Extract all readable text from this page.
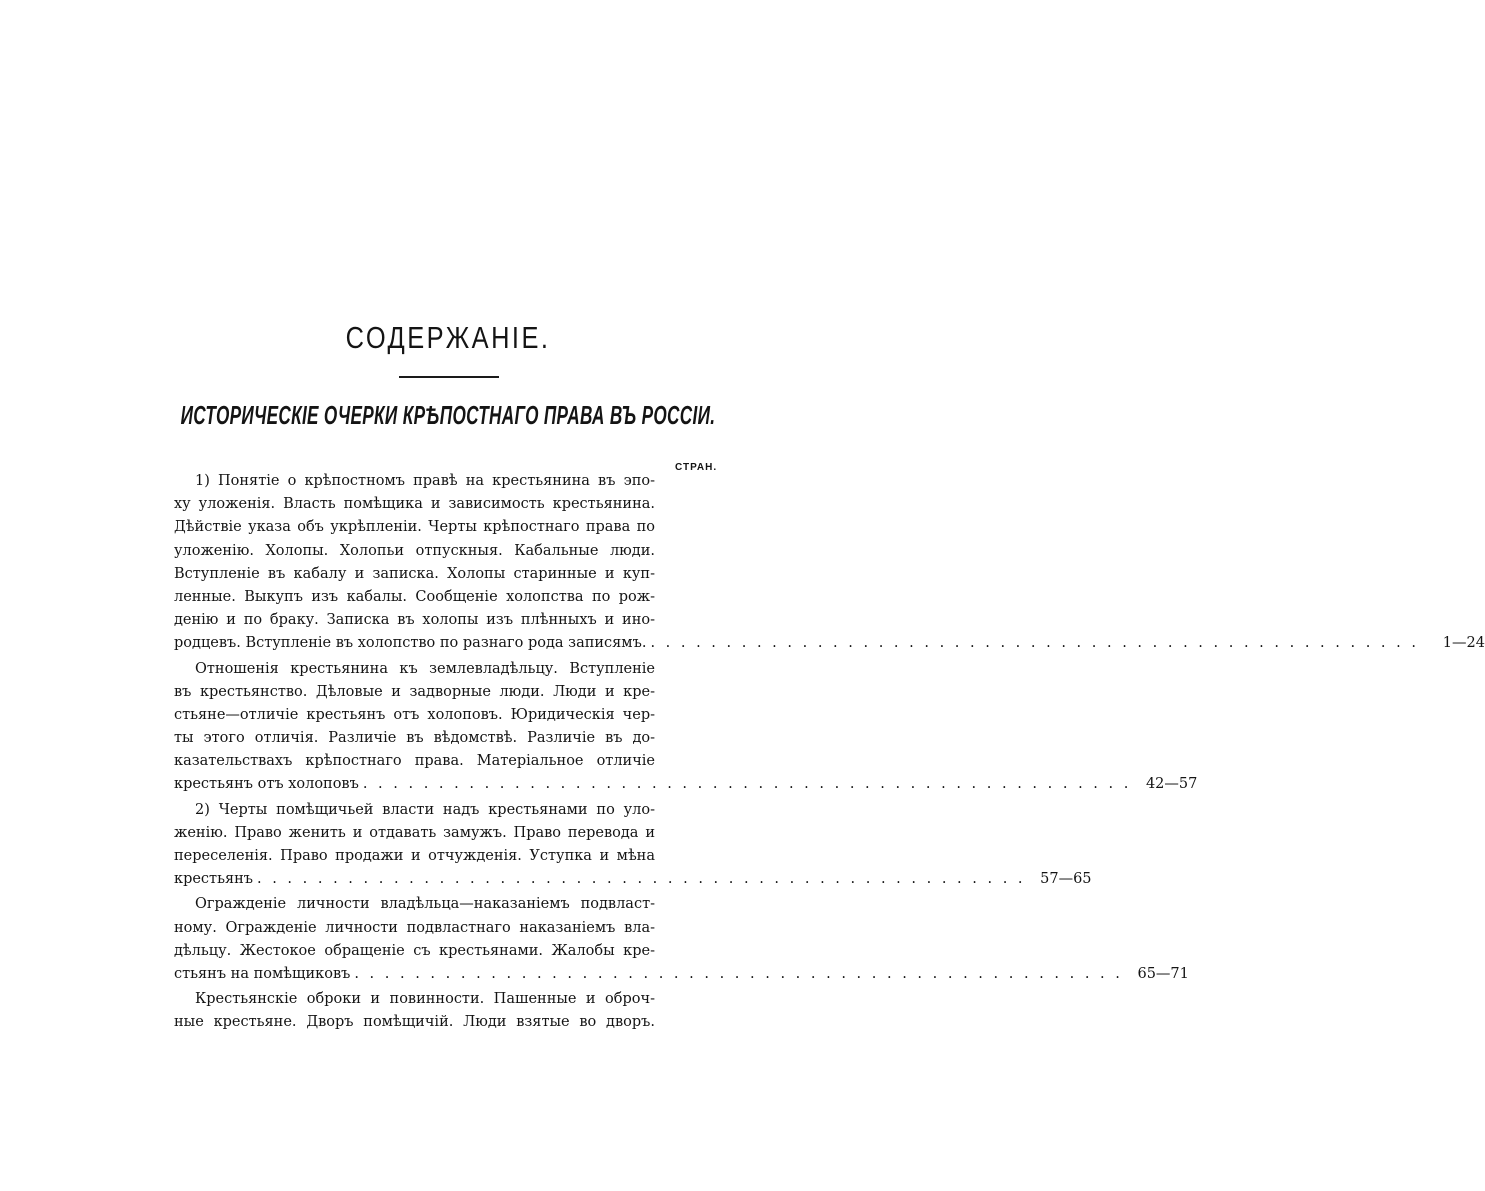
СОДЕРЖАНІЕ.
ИСТОРИЧЕСКІЕ ОЧЕРКИ КРѢПОСТНАГО ПРАВА ВЪ РОССІИ.
СТРАН.
1) Понятіе о крѣпостномъ правѣ на крестьянина въ эпо-
ху уложенія. Власть помѣщика и зависимость крестьянина.
Дѣйствіе указа объ укрѣпленіи. Черты крѣпостнаго права по
уложенію. Холопы. Холопьи отпускныя. Кабальные люди.
Вступленіе въ кабалу и записка. Холопы старинные и куп-
ленные. Выкупъ изъ кабалы. Сообщеніе холопства по рож-
денію и по браку. Записка въ холопы изъ плѣнныхъ и ино-
родцевъ. Вступленіе въ холопство по разнаго рода записямъ. . . . . . . . . . . . . . . . . . . . . . . . . . . . . . . . . . . . . . . . . . . . . . . . . . . .	1—24
Отношенія крестьянина къ землевладѣльцу. Вступленіе
въ крестьянство. Дѣловые и задворные люди. Люди и кре-
стьяне—отличіе крестьянъ отъ холоповъ. Юридическія чер-
ты этого отличія. Различіе въ вѣдомствѣ. Различіе въ до-
казательствахъ крѣпостнаго права. Матеріальное отличіе
крестьянъ отъ холоповъ . . . . . . . . . . . . . . . . . . . . . . . . . . . . . . . . . . . . . . . . . . . . . . . . . . .	42—57
2) Черты помѣщичьей власти надъ крестьянами по уло-
женію. Право женить и отдавать замужъ. Право перевода и
переселенія. Право продажи и отчужденія. Уступка и мѣна
крестьянъ . . . . . . . . . . . . . . . . . . . . . . . . . . . . . . . . . . . . . . . . . . . . . . . . . . .	57—65
Огражденіе личности владѣльца—наказаніемъ подвласт-
ному. Огражденіе личности подвластнаго наказаніемъ вла-
дѣльцу. Жестокое обращеніе съ крестьянами. Жалобы кре-
стьянъ на помѣщиковъ . . . . . . . . . . . . . . . . . . . . . . . . . . . . . . . . . . . . . . . . . . . . . . . . . . .	65—71
Крестьянскіе оброки и повинности. Пашенные и оброч-
ные крестьяне. Дворъ помѣщичій. Люди взятые во дворъ.
